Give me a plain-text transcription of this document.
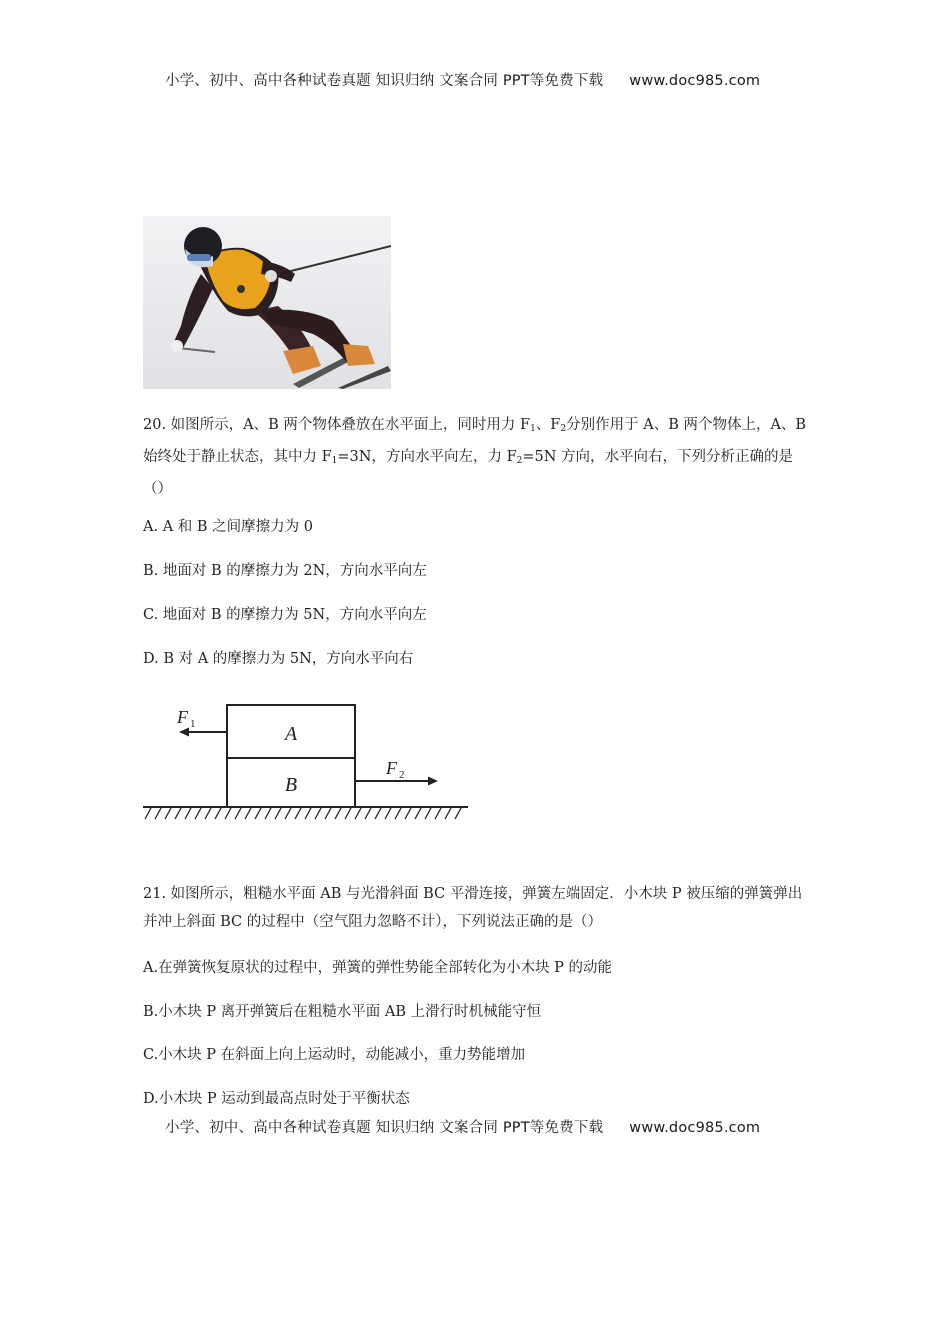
小学、初中、高中各种试卷真题 知识归纳 文案合同 PPT等免费下载 www.doc985.com

20. 如图所示，A、B 两个物体叠放在水平面上，同时用力 $F_1$、$F_2$分别作用于 A、B 两个物体上，A、B 始终处于静止状态，其中力 $F_1=3N$，方向水平向左，力 $F_2=5N$ 方向，水平向右，下列分析正确的是（）

A. A 和 B 之间摩擦力为 0

B. 地面对 B 的摩擦力为 2N，方向水平向左

C. 地面对 B 的摩擦力为 5N，方向水平向左

D. B 对 A 的摩擦力为 5N，方向水平向右

A
B
F 1
F 2

21. 如图所示，粗糙水平面 AB 与光滑斜面 BC 平滑连接，弹簧左端固定．小木块 P 被压缩的弹簧弹出并冲上斜面 BC 的过程中（空气阻力忽略不计），下列说法正确的是（）

A.在弹簧恢复原状的过程中，弹簧的弹性势能全部转化为小木块 P 的动能

B.小木块 P 离开弹簧后在粗糙水平面 AB 上滑行时机械能守恒

C.小木块 P 在斜面上向上运动时，动能减小，重力势能增加

D.小木块 P 运动到最高点时处于平衡状态

小学、初中、高中各种试卷真题 知识归纳 文案合同 PPT等免费下载 www.doc985.com
